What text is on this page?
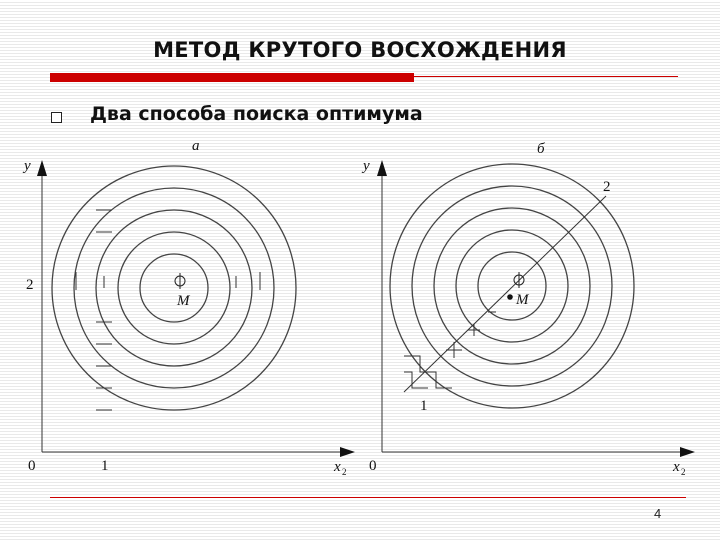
МЕТОД КРУТОГО ВОСХОЖДЕНИЯ
Два способа поиска оптимума
M
а
y
2
0	1	x 2
M
б
y
2
1
0	x 2
4
